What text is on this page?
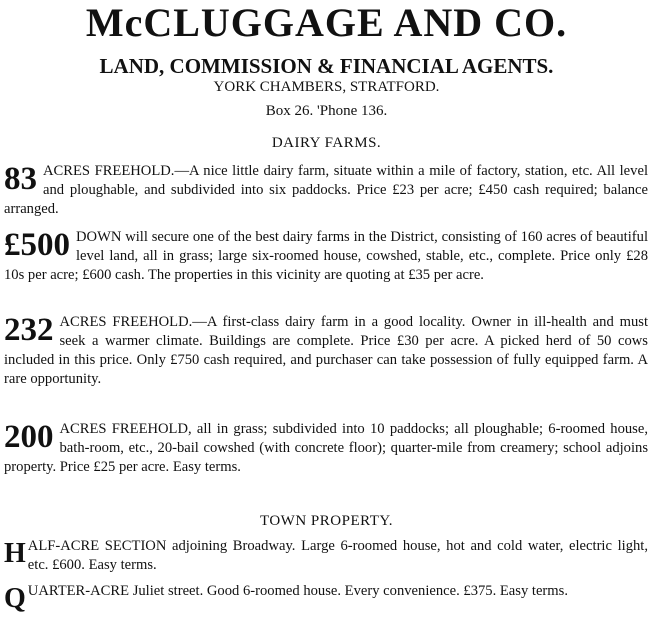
McCLUGGAGE AND CO.
LAND, COMMISSION & FINANCIAL AGENTS.
YORK CHAMBERS, STRATFORD.
Box 26. 'Phone 136.
DAIRY FARMS.
83 ACRES FREEHOLD.—A nice little dairy farm, situate within a mile of factory, station, etc. All level and ploughable, and subdivided into six paddocks. Price £23 per acre; £450 cash required; balance arranged.
£500 DOWN will secure one of the best dairy farms in the District, consisting of 160 acres of beautiful level land, all in grass; large six-roomed house, cowshed, stable, etc., complete. Price only £28 10s per acre; £600 cash. The properties in this vicinity are quoting at £35 per acre.
232 ACRES FREEHOLD.—A first-class dairy farm in a good locality. Owner in ill-health and must seek a warmer climate. Buildings are complete. Price £30 per acre. A picked herd of 50 cows included in this price. Only £750 cash required, and purchaser can take possession of fully equipped farm. A rare opportunity.
200 ACRES FREEHOLD, all in grass; subdivided into 10 paddocks; all ploughable; 6-roomed house, bath-room, etc., 20-bail cowshed (with concrete floor); quarter-mile from creamery; school adjoins property. Price £25 per acre. Easy terms.
TOWN PROPERTY.
H ALF-ACRE SECTION adjoining Broadway. Large 6-roomed house, hot and cold water, electric light, etc. £600. Easy terms.
Q UARTER-ACRE Juliet street. Good 6-roomed house. Every convenience. £375. Easy terms.
